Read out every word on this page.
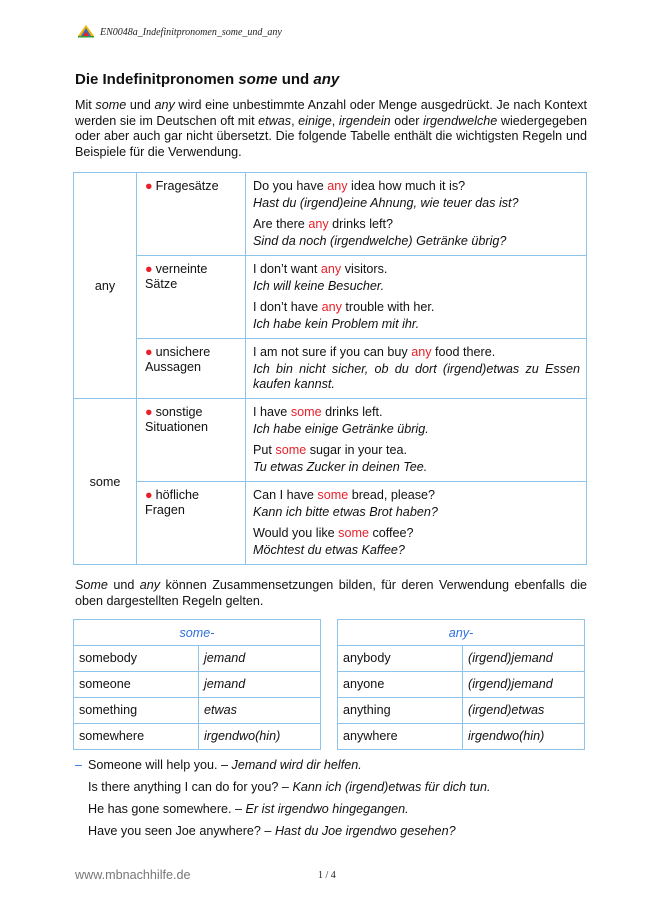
EN0048a_Indefinitpronomen_some_und_any
Die Indefinitpronomen some und any

Mit some und any wird eine unbestimmte Anzahl oder Menge ausgedrückt. Je nach Kontext werden sie im Deutschen oft mit etwas, einige, irgendein oder irgendwelche wiedergegeben oder aber auch gar nicht übersetzt. Die folgende Tabelle enthält die wichtigsten Regeln und Beispiele für die Verwendung.

any	● Fragesätze	Do you have any idea how much it is?
Hast du (irgend)eine Ahnung, wie teuer das ist?
Are there any drinks left?
Sind da noch (irgendwelche) Getränke übrig?

	● verneinte Sätze	I don’t want any visitors.
Ich will keine Besucher.
I don’t have any trouble with her.
Ich habe kein Problem mit ihr.

	● unsichere Aussagen	I am not sure if you can buy any food there.
Ich bin nicht sicher, ob du dort (irgend)etwas zu Essen kaufen kannst.

some	● sonstige Situationen	I have some drinks left.
Ich habe einige Getränke übrig.
Put some sugar in your tea.
Tu etwas Zucker in deinen Tee.

	● höfliche Fragen	Can I have some bread, please?
Kann ich bitte etwas Brot haben?
Would you like some coffee?
Möchtest du etwas Kaffee?

Some und any können Zusammensetzungen bilden, für deren Verwendung ebenfalls die oben dargestellten Regeln gelten.

some-	
somebody	jemand
someone	jemand
something	etwas
somewhere	irgendwo(hin)
any-	
anybody	(irgend)jemand
anyone	(irgend)jemand
anything	(irgend)etwas
anywhere	irgendwo(hin)
– Someone will help you. – Jemand wird dir helfen.
Is there anything I can do for you? – Kann ich (irgend)etwas für dich tun.
He has gone somewhere. – Er ist irgendwo hingegangen.
Have you seen Joe anywhere? – Hast du Joe irgendwo gesehen?
www.mbnachhilfe.de	1 / 4
